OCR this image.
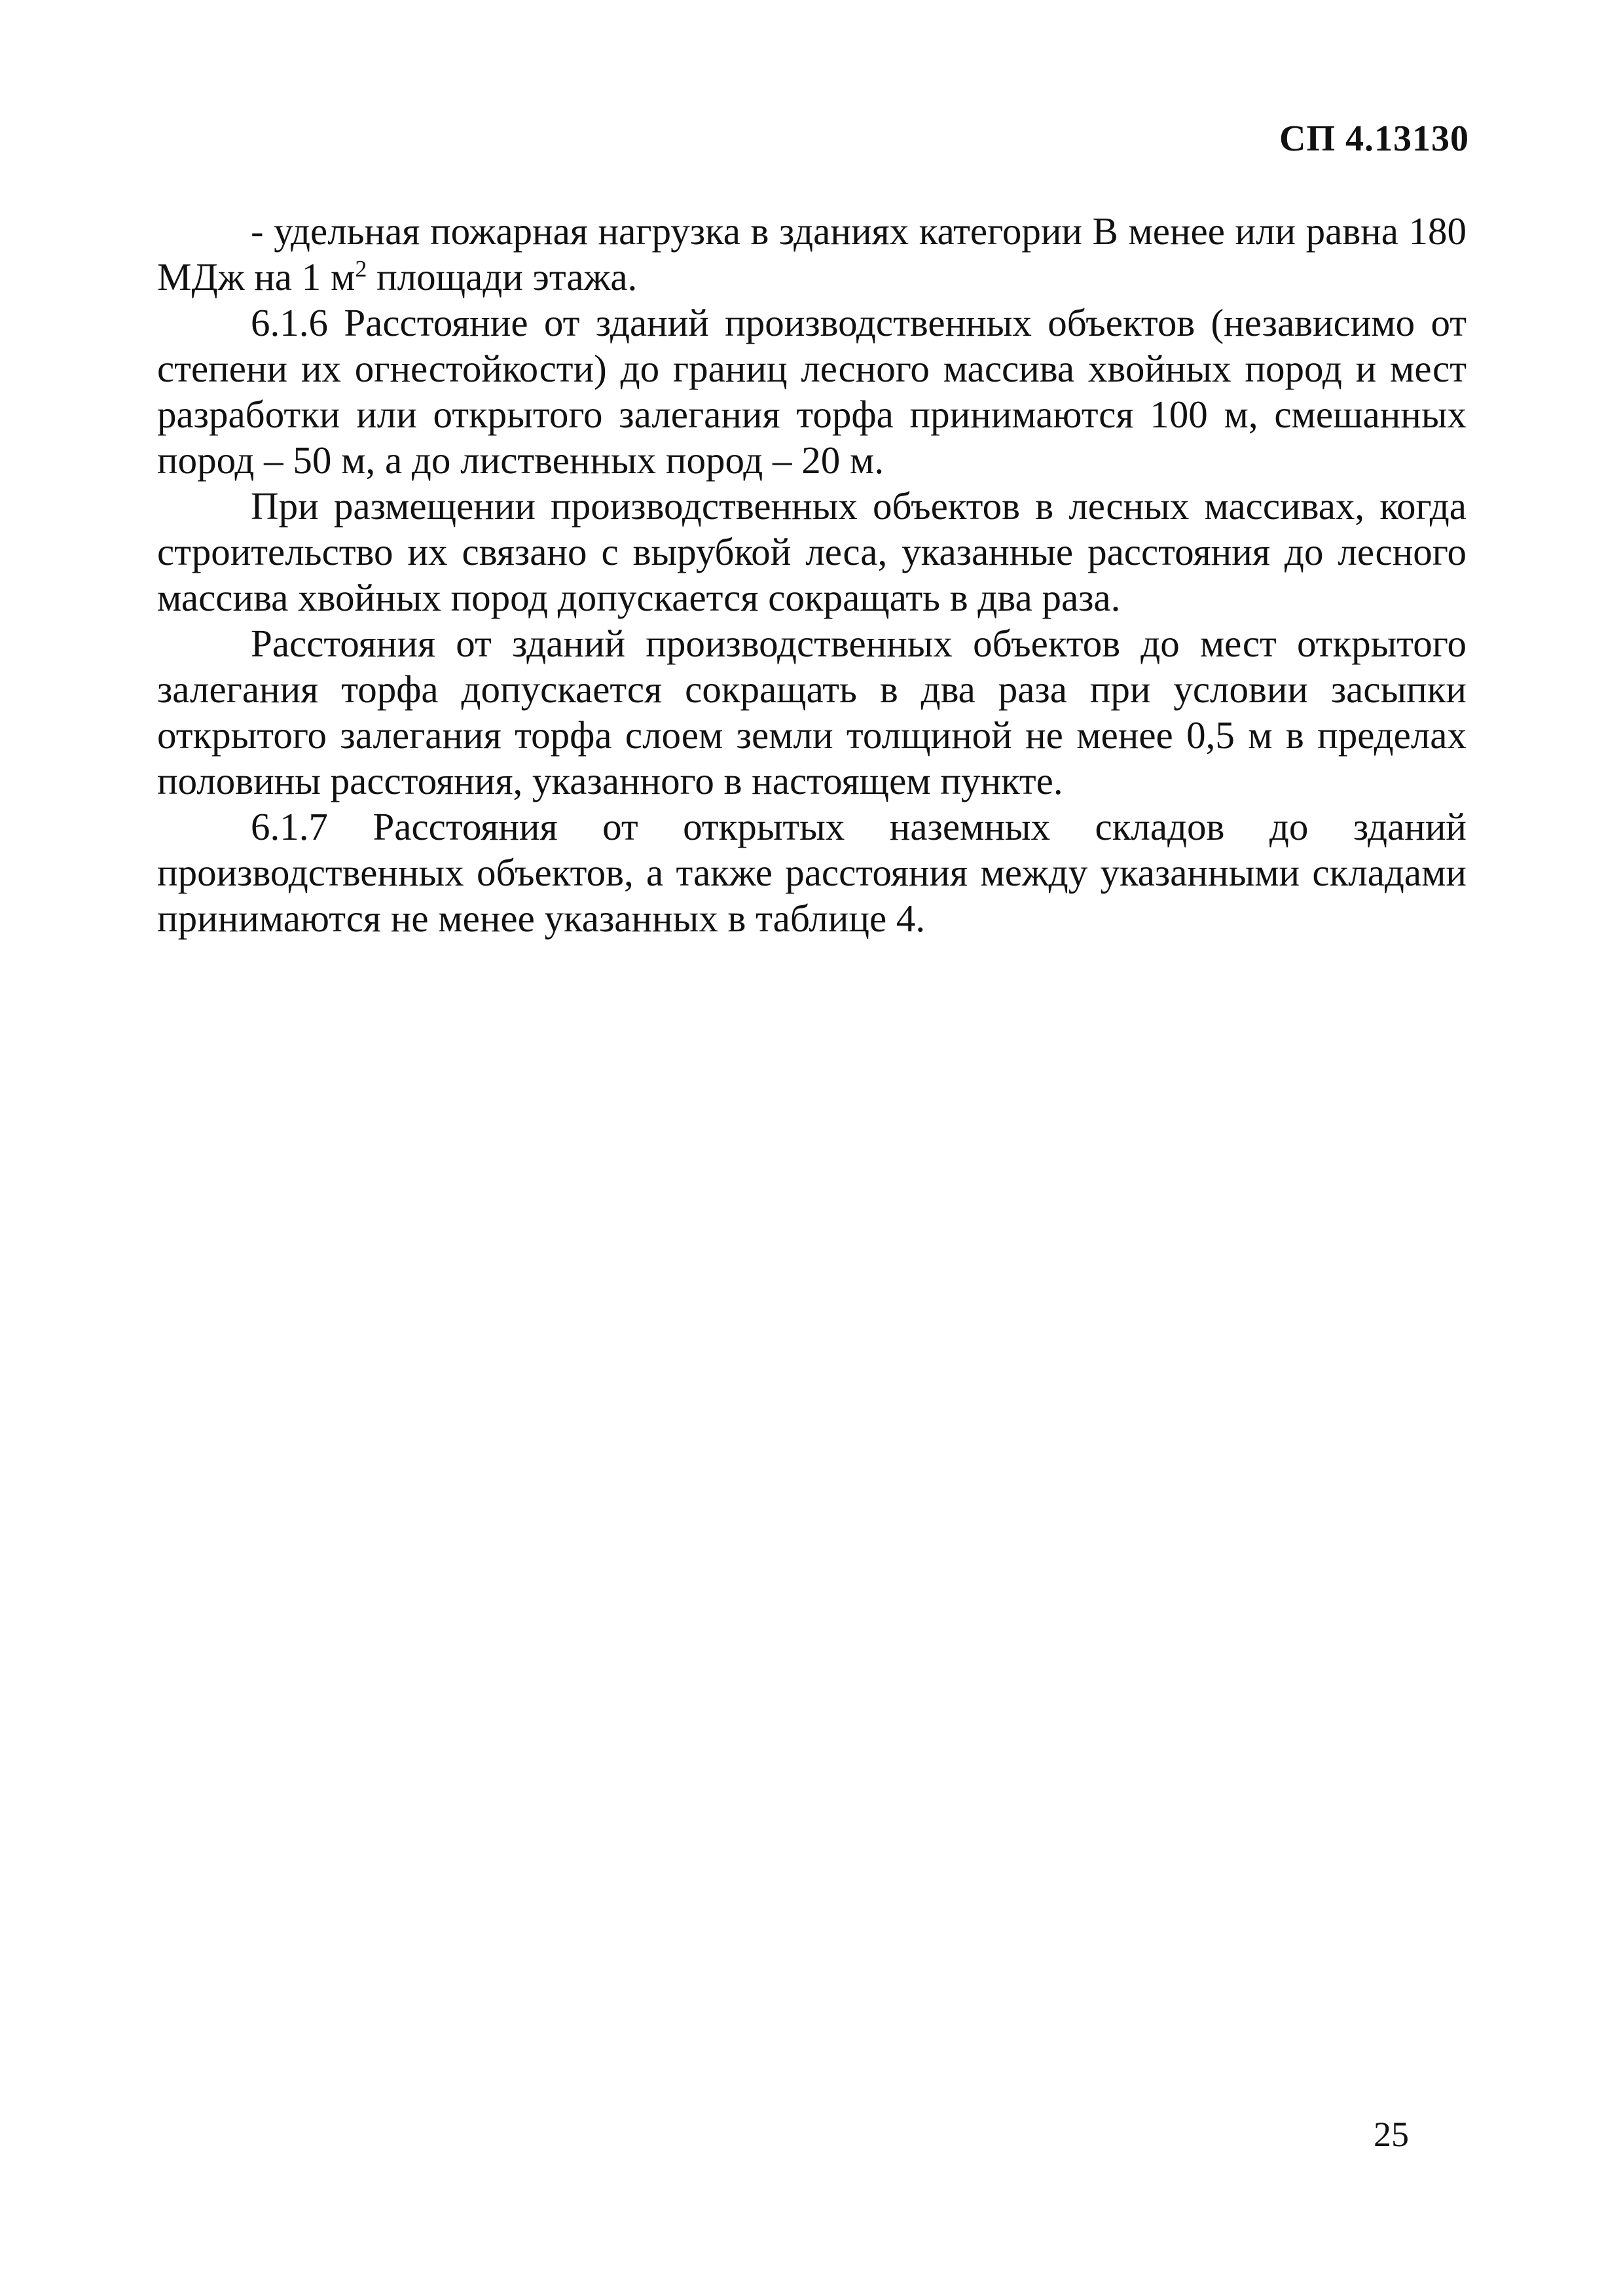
СП 4.13130

- удельная пожарная нагрузка в зданиях категории В менее или равна 180 МДж на 1 $м^2$ площади этажа.

6.1.6 Расстояние от зданий производственных объектов (независимо от степени их огнестойкости) до границ лесного массива хвойных пород и мест разработки или открытого залегания торфа принимаются 100 м, смешанных пород – 50 м, а до лиственных пород – 20 м.

При размещении производственных объектов в лесных массивах, когда строительство их связано с вырубкой леса, указанные расстояния до лесного массива хвойных пород допускается сокращать в два раза.

Расстояния от зданий производственных объектов до мест открытого залегания торфа допускается сокращать в два раза при условии засыпки открытого залегания торфа слоем земли толщиной не менее 0,5 м в пределах половины расстояния, указанного в настоящем пункте.

6.1.7 Расстояния от открытых наземных складов до зданий

производственных объектов, а также расстояния между указанными складами принимаются не менее указанных в таблице 4.

25
